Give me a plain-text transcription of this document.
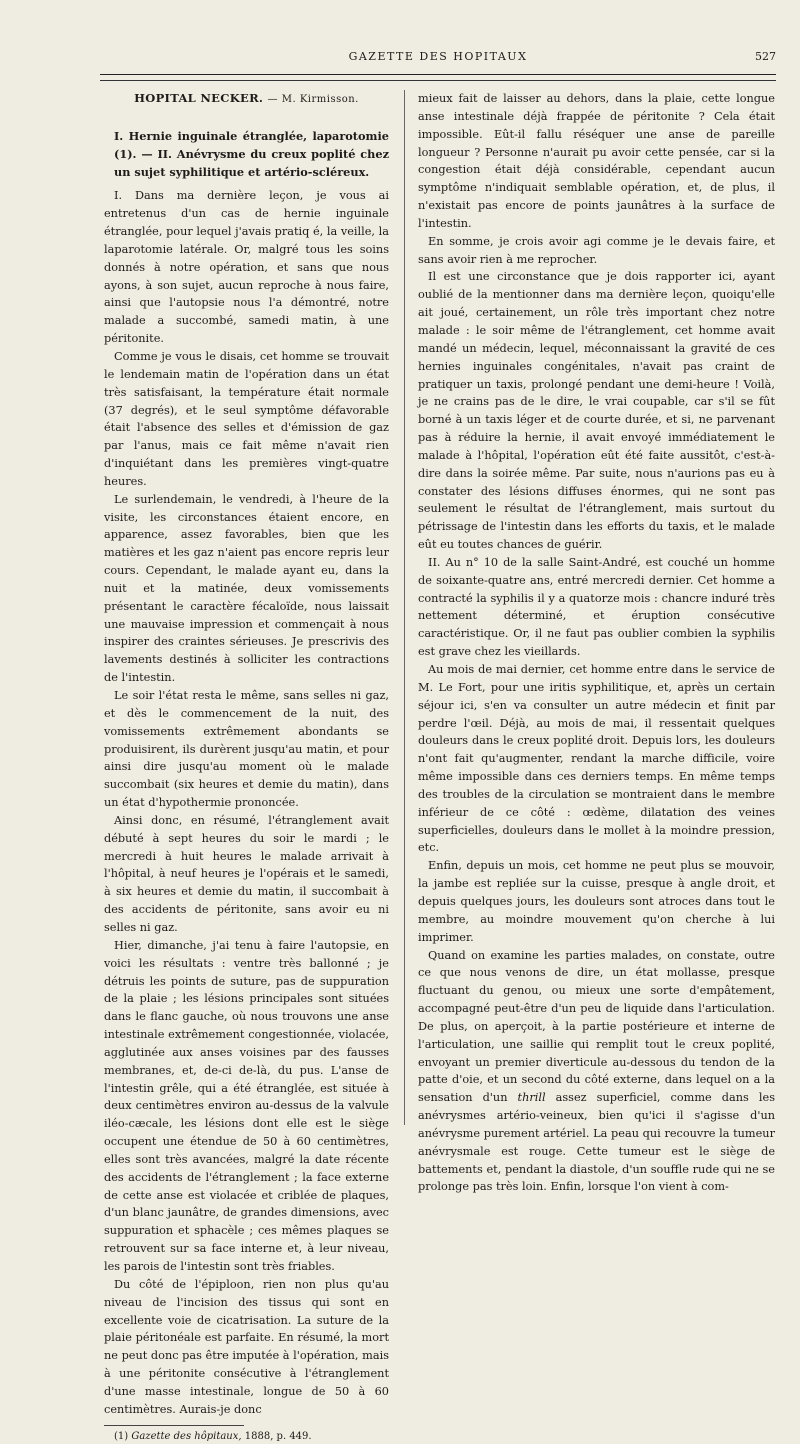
GAZETTE DES HOPITAUX	527

HOPITAL NECKER. — M. Kirmisson.

I. Hernie inguinale étranglée, laparotomie (1). — II. Anévrysme du creux poplité chez un sujet syphilitique et artério-scléreux.

I. Dans ma dernière leçon, je vous ai entretenus d'un cas de hernie inguinale étranglée, pour lequel j'avais pratiq é, la veille, la laparotomie latérale. Or, malgré tous les soins donnés à notre opération, et sans que nous ayons, à son sujet, aucun reproche à nous faire, ainsi que l'autopsie nous l'a démontré, notre malade a succombé, samedi matin, à une péritonite.

Comme je vous le disais, cet homme se trouvait le lendemain matin de l'opération dans un état très satisfaisant, la température était normale (37 degrés), et le seul symptôme défavorable était l'absence des selles et d'émission de gaz par l'anus, mais ce fait même n'avait rien d'inquiétant dans les premières vingt-quatre heures.

Le surlendemain, le vendredi, à l'heure de la visite, les circonstances étaient encore, en apparence, assez favorables, bien que les matières et les gaz n'aient pas encore repris leur cours. Cependant, le malade ayant eu, dans la nuit et la matinée, deux vomissements présentant le caractère fécaloïde, nous laissait une mauvaise impression et commençait à nous inspirer des craintes sérieuses. Je prescrivis des lavements destinés à solliciter les contractions de l'intestin.

Le soir l'état resta le même, sans selles ni gaz, et dès le commencement de la nuit, des vomissements extrêmement abondants se produisirent, ils durèrent jusqu'au matin, et pour ainsi dire jusqu'au moment où le malade succombait (six heures et demie du matin), dans un état d'hypothermie prononcée.

Ainsi donc, en résumé, l'étranglement avait débuté à sept heures du soir le mardi ; le mercredi à huit heures le malade arrivait à l'hôpital, à neuf heures je l'opérais et le samedi, à six heures et demie du matin, il succombait à des accidents de péritonite, sans avoir eu ni selles ni gaz.

Hier, dimanche, j'ai tenu à faire l'autopsie, en voici les résultats : ventre très ballonné ; je détruis les points de suture, pas de suppuration de la plaie ; les lésions principales sont situées dans le flanc gauche, où nous trouvons une anse intestinale extrêmement congestionnée, violacée, agglutinée aux anses voisines par des fausses membranes, et, de-ci de-là, du pus. L'anse de l'intestin grêle, qui a été étranglée, est située à deux centimètres environ au-dessus de la valvule iléo-cæcale, les lésions dont elle est le siège occupent une étendue de 50 à 60 centimètres, elles sont très avancées, malgré la date récente des accidents de l'étranglement ; la face externe de cette anse est violacée et criblée de plaques, d'un blanc jaunâtre, de grandes dimensions, avec suppuration et sphacèle ; ces mêmes plaques se retrouvent sur sa face interne et, à leur niveau, les parois de l'intestin sont très friables.

Du côté de l'épiploon, rien non plus qu'au niveau de l'incision des tissus qui sont en excellente voie de cicatrisation. La suture de la plaie péritonéale est parfaite. En résumé, la mort ne peut donc pas être imputée à l'opération, mais à une péritonite consécutive à l'étranglement d'une masse intestinale, longue de 50 à 60 centimètres. Aurais-je donc

(1) Gazette des hôpitaux, 1888, p. 449.

mieux fait de laisser au dehors, dans la plaie, cette longue anse intestinale déjà frappée de péritonite ? Cela était impossible. Eût-il fallu réséquer une anse de pareille longueur ? Personne n'aurait pu avoir cette pensée, car si la congestion était déjà considérable, cependant aucun symptôme n'indiquait semblable opération, et, de plus, il n'existait pas encore de points jaunâtres à la surface de l'intestin.

En somme, je crois avoir agi comme je le devais faire, et sans avoir rien à me reprocher.

Il est une circonstance que je dois rapporter ici, ayant oublié de la mentionner dans ma dernière leçon, quoiqu'elle ait joué, certainement, un rôle très important chez notre malade : le soir même de l'étranglement, cet homme avait mandé un médecin, lequel, méconnaissant la gravité de ces hernies inguinales congénitales, n'avait pas craint de pratiquer un taxis, prolongé pendant une demi-heure ! Voilà, je ne crains pas de le dire, le vrai coupable, car s'il se fût borné à un taxis léger et de courte durée, et si, ne parvenant pas à réduire la hernie, il avait envoyé immédiatement le malade à l'hôpital, l'opération eût été faite aussitôt, c'est-à-dire dans la soirée même. Par suite, nous n'aurions pas eu à constater des lésions diffuses énormes, qui ne sont pas seulement le résultat de l'étranglement, mais surtout du pétrissage de l'intestin dans les efforts du taxis, et le malade eût eu toutes chances de guérir.

II. Au n° 10 de la salle Saint-André, est couché un homme de soixante-quatre ans, entré mercredi dernier. Cet homme a contracté la syphilis il y a quatorze mois : chancre induré très nettement déterminé, et éruption consécutive caractéristique. Or, il ne faut pas oublier combien la syphilis est grave chez les vieillards.

Au mois de mai dernier, cet homme entre dans le service de M. Le Fort, pour une iritis syphilitique, et, après un certain séjour ici, s'en va consulter un autre médecin et finit par perdre l'œil. Déjà, au mois de mai, il ressentait quelques douleurs dans le creux poplité droit. Depuis lors, les douleurs n'ont fait qu'augmenter, rendant la marche difficile, voire même impossible dans ces derniers temps. En même temps des troubles de la circulation se montraient dans le membre inférieur de ce côté : œdème, dilatation des veines superficielles, douleurs dans le mollet à la moindre pression, etc.

Enfin, depuis un mois, cet homme ne peut plus se mouvoir, la jambe est repliée sur la cuisse, presque à angle droit, et depuis quelques jours, les douleurs sont atroces dans tout le membre, au moindre mouvement qu'on cherche à lui imprimer.

Quand on examine les parties malades, on constate, outre ce que nous venons de dire, un état mollasse, presque fluctuant du genou, ou mieux une sorte d'empâtement, accompagné peut-être d'un peu de liquide dans l'articulation. De plus, on aperçoit, à la partie postérieure et interne de l'articulation, une saillie qui remplit tout le creux poplité, envoyant un premier diverticule au-dessous du tendon de la patte d'oie, et un second du côté externe, dans lequel on a la sensation d'un thrill assez superficiel, comme dans les anévrysmes artério-veineux, bien qu'ici il s'agisse d'un anévrysme purement artériel. La peau qui recouvre la tumeur anévrysmale est rouge. Cette tumeur est le siège de battements et, pendant la diastole, d'un souffle rude qui ne se prolonge pas très loin. Enfin, lorsque l'on vient à com-
